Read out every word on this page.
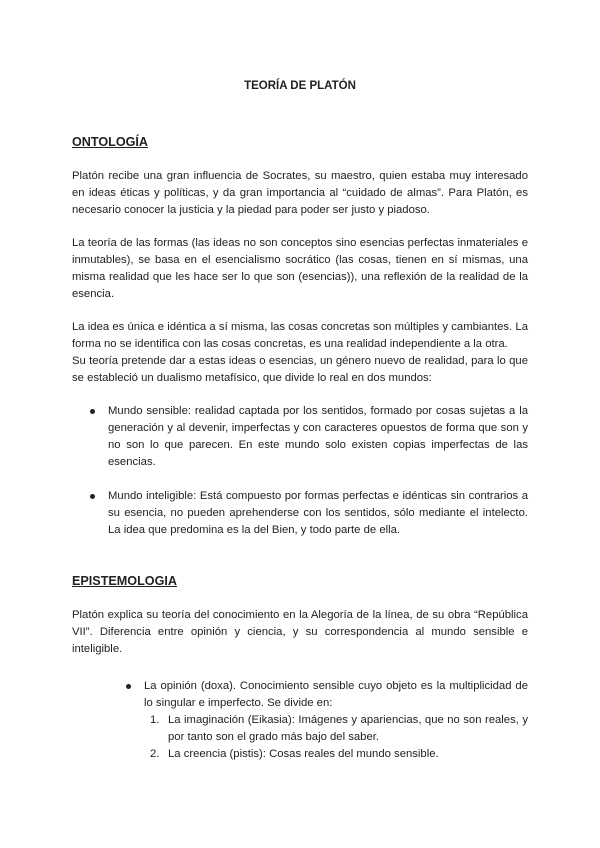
TEORÍA DE PLATÓN
ONTOLOGÍA

Platón recibe una gran influencia de Socrates, su maestro, quien estaba muy interesado en ideas éticas y políticas, y da gran importancia al “cuidado de almas”. Para Platón, es necesario conocer la justicia y la piedad para poder ser justo y piadoso.

La teoría de las formas (las ideas no son conceptos sino esencias perfectas inmateriales e inmutables), se basa en el esencialismo socrático (las cosas, tienen en sí mismas, una misma realidad que les hace ser lo que son (esencias)), una reflexión de la realidad de la esencia.

La idea es única e idéntica a sí misma, las cosas concretas son múltiples y cambiantes. La forma no se identifica con las cosas concretas, es una realidad independiente a la otra.

Su teoría pretende dar a estas ideas o esencias, un género nuevo de realidad, para lo que se estableció un dualismo metafísico, que divide lo real en dos mundos:

Mundo sensible: realidad captada por los sentidos, formado por cosas sujetas a la generación y al devenir, imperfectas y con caracteres opuestos de forma que son y no son lo que parecen. En este mundo solo existen copias imperfectas de las esencias.
Mundo inteligible: Está compuesto por formas perfectas e idénticas sin contrarios a su esencia, no pueden aprehenderse con los sentidos, sólo mediante el intelecto. La idea que predomina es la del Bien, y todo parte de ella.
EPISTEMOLOGIA

Platón explica su teoría del conocimiento en la Alegoría de la línea, de su obra “República VII”. Diferencia entre opinión y ciencia, y su correspondencia al mundo sensible e inteligible.

La opinión (doxa). Conocimiento sensible cuyo objeto es la multiplicidad de lo singular e imperfecto. Se divide en:
1. La imaginación (Eikasia): Imágenes y apariencias, que no son reales, y por tanto son el grado más bajo del saber.
2. La creencia (pistis): Cosas reales del mundo sensible.
